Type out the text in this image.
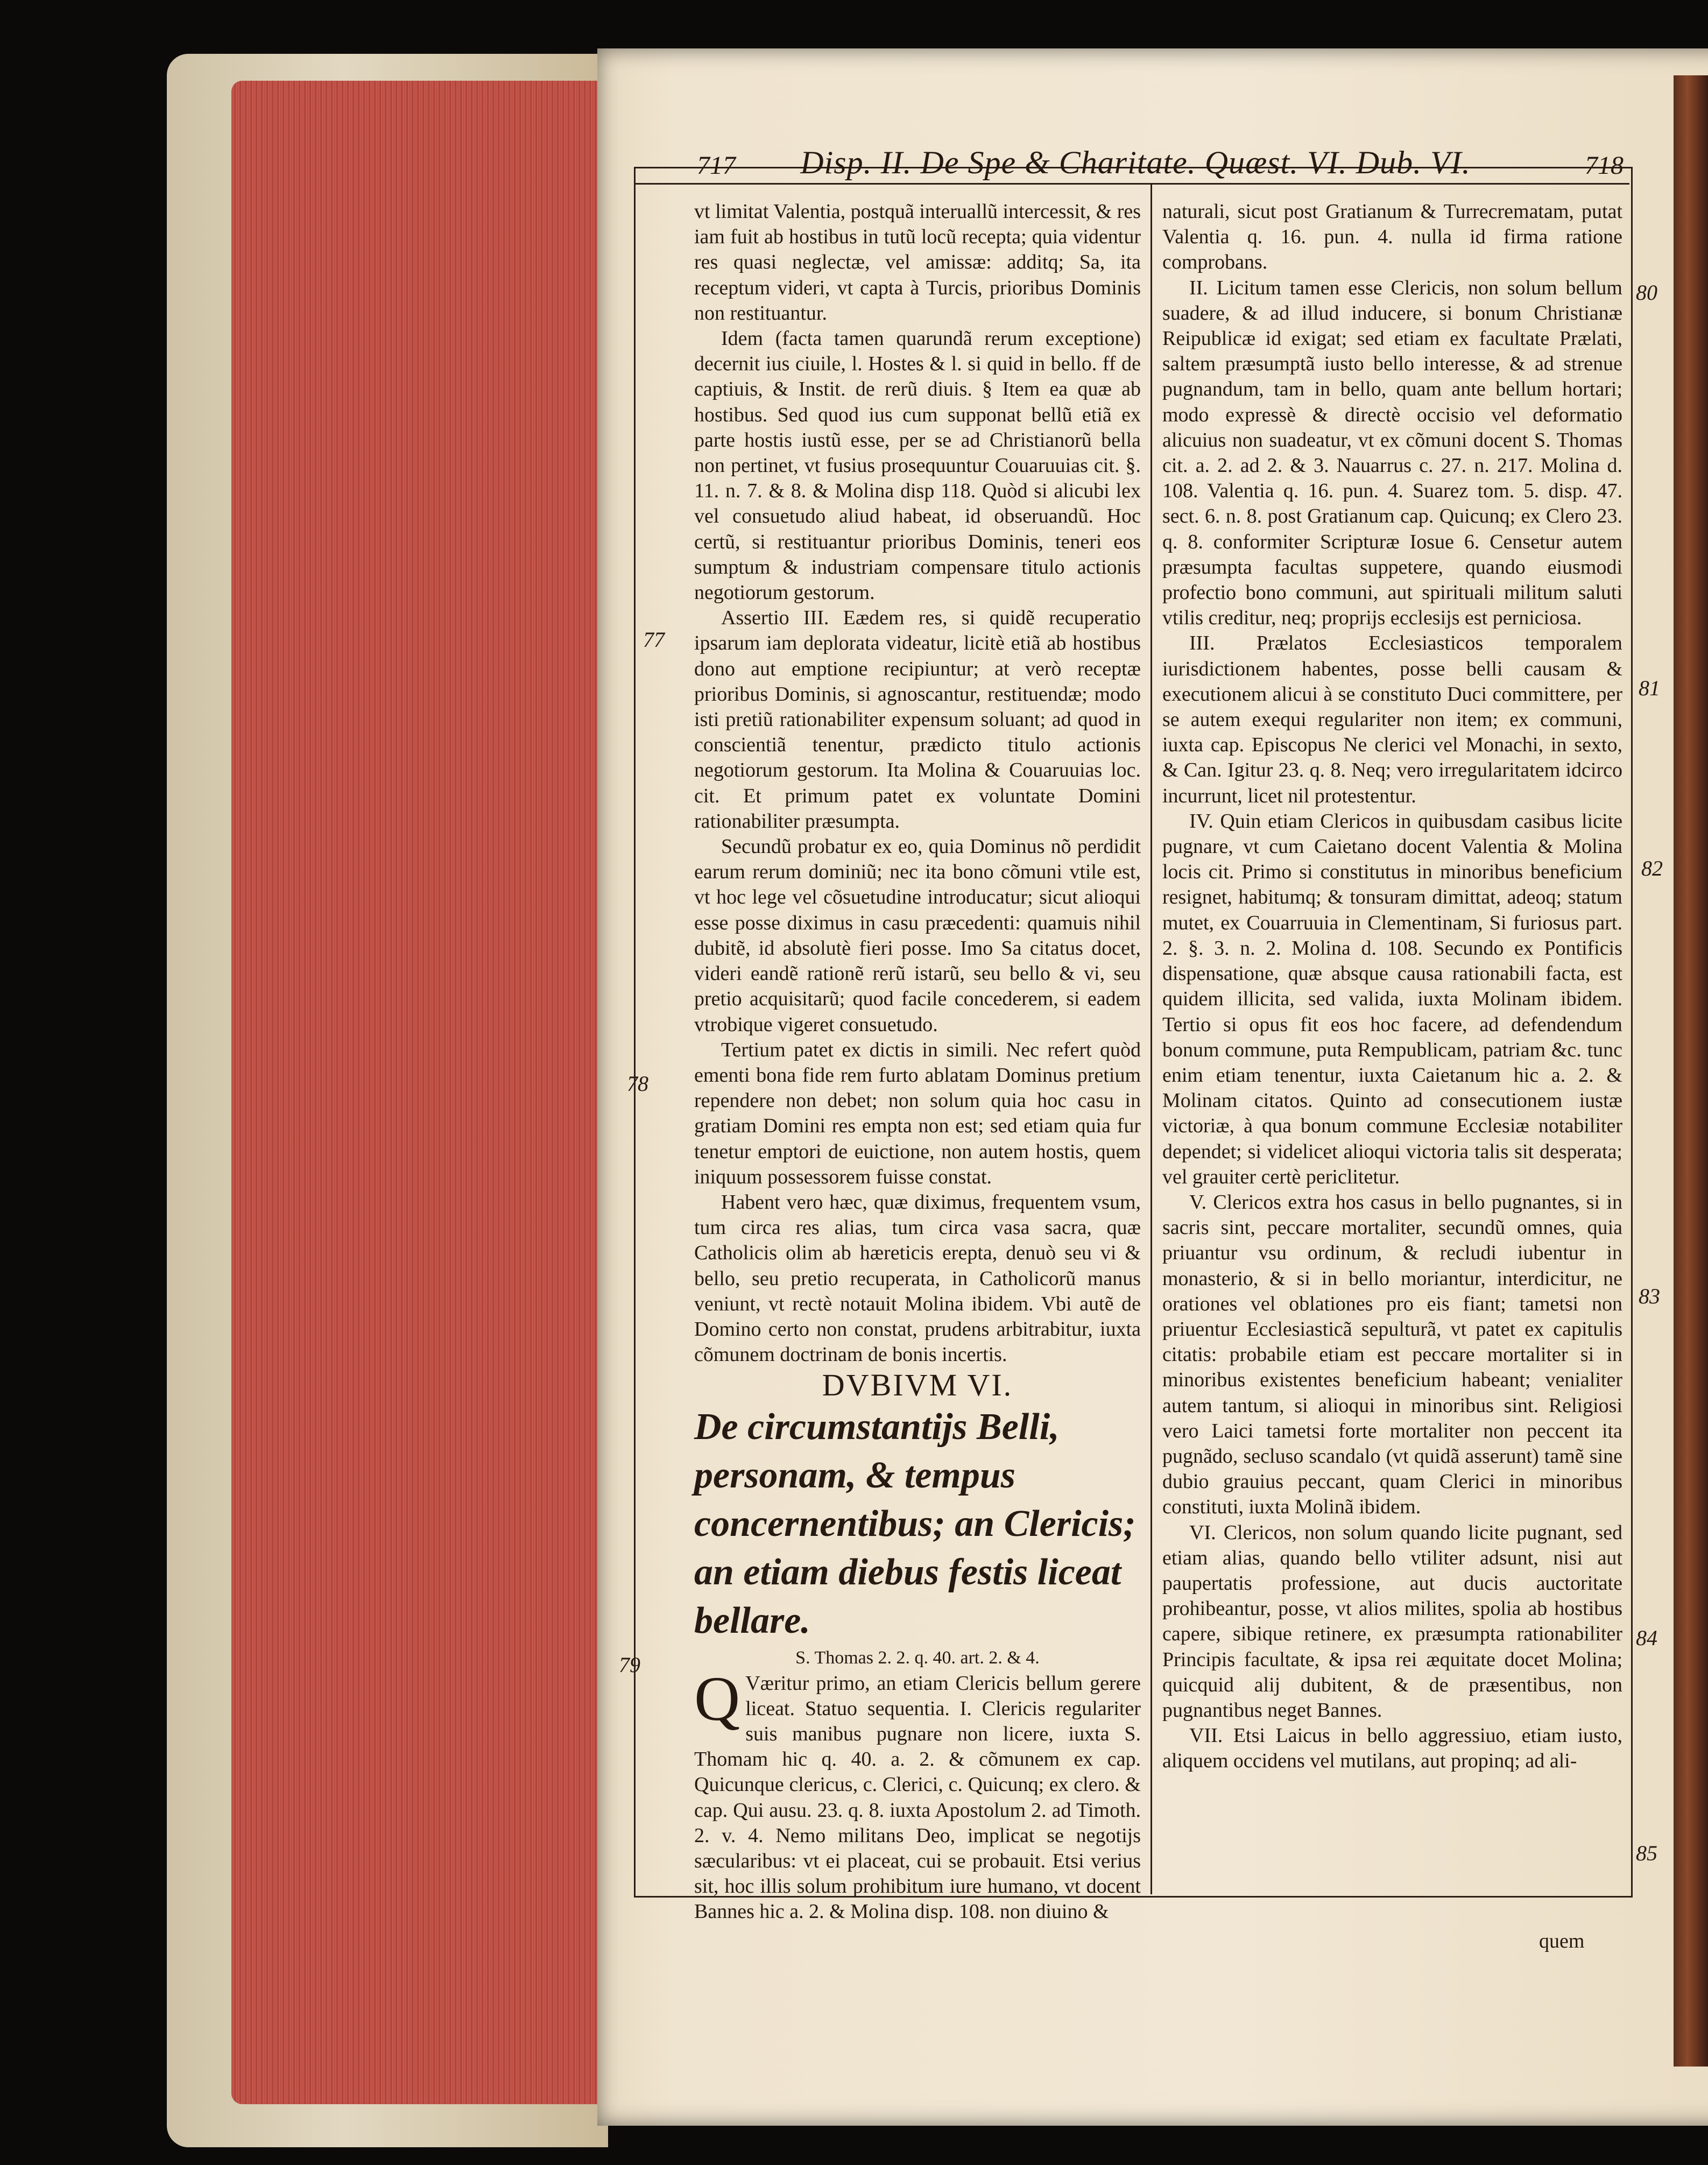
717	Disp. II. De Spe & Charitate. Quæst. VI. Dub. VI.	718

vt limitat Valentia, postquã interuallũ intercessit, & res iam fuit ab hostibus in tutũ locũ recepta; quia videntur res quasi neglectæ, vel amissæ: additq; Sa, ita receptum videri, vt capta à Turcis, prioribus Dominis non restituantur.

Idem (facta tamen quarundã rerum exceptione) decernit ius ciuile, l. Hostes & l. si quid in bello. ff de captiuis, & Instit. de rerũ diuis. § Item ea quæ ab hostibus. Sed quod ius cum supponat bellũ etiã ex parte hostis iustũ esse, per se ad Christianorũ bella non pertinet, vt fusius prosequuntur Couaruuias cit. §. 11. n. 7. & 8. & Molina disp 118. Quòd si alicubi lex vel consuetudo aliud habeat, id obseruandũ. Hoc certũ, si restituantur prioribus Dominis, teneri eos sumptum & industriam compensare titulo actionis negotiorum gestorum.

Assertio III. Eædem res, si quidẽ recuperatio ipsarum iam deplorata videatur, licitè etiã ab hostibus dono aut emptione recipiuntur; at verò receptæ prioribus Dominis, si agnoscantur, restituendæ; modo isti pretiũ rationabiliter expensum soluant; ad quod in conscientiã tenentur, prædicto titulo actionis negotiorum gestorum. Ita Molina & Couaruuias loc. cit. Et primum patet ex voluntate Domini rationabiliter præsumpta.

Secundũ probatur ex eo, quia Dominus nõ perdidit earum rerum dominiũ; nec ita bono cõmuni vtile est, vt hoc lege vel cõsuetudine introducatur; sicut alioqui esse posse diximus in casu præcedenti: quamuis nihil dubitẽ, id absolutè fieri posse. Imo Sa citatus docet, videri eandẽ rationẽ rerũ istarũ, seu bello & vi, seu pretio acquisitarũ; quod facile concederem, si eadem vtrobique vigeret consuetudo.

Tertium patet ex dictis in simili. Nec refert quòd ementi bona fide rem furto ablatam Dominus pretium rependere non debet; non solum quia hoc casu in gratiam Domini res empta non est; sed etiam quia fur tenetur emptori de euictione, non autem hostis, quem iniquum possessorem fuisse constat.

Habent vero hæc, quæ diximus, frequentem vsum, tum circa res alias, tum circa vasa sacra, quæ Catholicis olim ab hæreticis erepta, denuò seu vi & bello, seu pretio recuperata, in Catholicorũ manus veniunt, vt rectè notauit Molina ibidem. Vbi autẽ de Domino certo non constat, prudens arbitrabitur, iuxta cõmunem doctrinam de bonis incertis.

DVBIVM VI.

De circumstantijs Belli, personam, & tempus concernentibus; an Clericis; an etiam diebus festis liceat bellare.

S. Thomas 2. 2. q. 40. art. 2. & 4.

Q Væritur primo, an etiam Clericis bellum gerere liceat. Statuo sequentia. I. Clericis regulariter suis manibus pugnare non licere, iuxta S. Thomam hic q. 40. a. 2. & cõmunem ex cap. Quicunque clericus, c. Clerici, c. Quicunq; ex clero. & cap. Qui ausu. 23. q. 8. iuxta Apostolum 2. ad Timoth. 2. v. 4. Nemo militans Deo, implicat se negotijs sæcularibus: vt ei placeat, cui se probauit. Etsi verius sit, hoc illis solum prohibitum iure humano, vt docent Bannes hic a. 2. & Molina disp. 108. non diuino &

naturali, sicut post Gratianum & Turrecrematam, putat Valentia q. 16. pun. 4. nulla id firma ratione comprobans.

II. Licitum tamen esse Clericis, non solum bellum suadere, & ad illud inducere, si bonum Christianæ Reipublicæ id exigat; sed etiam ex facultate Prælati, saltem præsumptã iusto bello interesse, & ad strenue pugnandum, tam in bello, quam ante bellum hortari; modo expressè & directè occisio vel deformatio alicuius non suadeatur, vt ex cõmuni docent S. Thomas cit. a. 2. ad 2. & 3. Nauarrus c. 27. n. 217. Molina d. 108. Valentia q. 16. pun. 4. Suarez tom. 5. disp. 47. sect. 6. n. 8. post Gratianum cap. Quicunq; ex Clero 23. q. 8. conformiter Scripturæ Iosue 6. Censetur autem præsumpta facultas suppetere, quando eiusmodi profectio bono communi, aut spirituali militum saluti vtilis creditur, neq; proprijs ecclesijs est perniciosa.

III. Prælatos Ecclesiasticos temporalem iurisdictionem habentes, posse belli causam & executionem alicui à se constituto Duci committere, per se autem exequi regulariter non item; ex communi, iuxta cap. Episcopus Ne clerici vel Monachi, in sexto, & Can. Igitur 23. q. 8. Neq; vero irregularitatem idcirco incurrunt, licet nil protestentur.

IV. Quin etiam Clericos in quibusdam casibus licite pugnare, vt cum Caietano docent Valentia & Molina locis cit. Primo si constitutus in minoribus beneficium resignet, habitumq; & tonsuram dimittat, adeoq; statum mutet, ex Couarruuia in Clementinam, Si furiosus part. 2. §. 3. n. 2. Molina d. 108. Secundo ex Pontificis dispensatione, quæ absque causa rationabili facta, est quidem illicita, sed valida, iuxta Molinam ibidem. Tertio si opus fit eos hoc facere, ad defendendum bonum commune, puta Rempublicam, patriam &c. tunc enim etiam tenentur, iuxta Caietanum hic a. 2. & Molinam citatos. Quinto ad consecutionem iustæ victoriæ, à qua bonum commune Ecclesiæ notabiliter dependet; si videlicet alioqui victoria talis sit desperata; vel grauiter certè periclitetur.

V. Clericos extra hos casus in bello pugnantes, si in sacris sint, peccare mortaliter, secundũ omnes, quia priuantur vsu ordinum, & recludi iubentur in monasterio, & si in bello moriantur, interdicitur, ne orationes vel oblationes pro eis fiant; tametsi non priuentur Ecclesiasticã sepulturã, vt patet ex capitulis citatis: probabile etiam est peccare mortaliter si in minoribus existentes beneficium habeant; venialiter autem tantum, si alioqui in minoribus sint. Religiosi vero Laici tametsi forte mortaliter non peccent ita pugnãdo, secluso scandalo (vt quidã asserunt) tamẽ sine dubio grauius peccant, quam Clerici in minoribus constituti, iuxta Molinã ibidem.

VI. Clericos, non solum quando licite pugnant, sed etiam alias, quando bello vtiliter adsunt, nisi aut paupertatis professione, aut ducis auctoritate prohibeantur, posse, vt alios milites, spolia ab hostibus capere, sibique retinere, ex præsumpta rationabiliter Principis facultate, & ipsa rei æquitate docet Molina; quicquid alij dubitent, & de præsentibus, non pugnantibus neget Bannes.

VII. Etsi Laicus in bello aggressiuo, etiam iusto, aliquem occidens vel mutilans, aut propinq; ad ali-

quem
77
78
79
80
81
82
83
84
85
